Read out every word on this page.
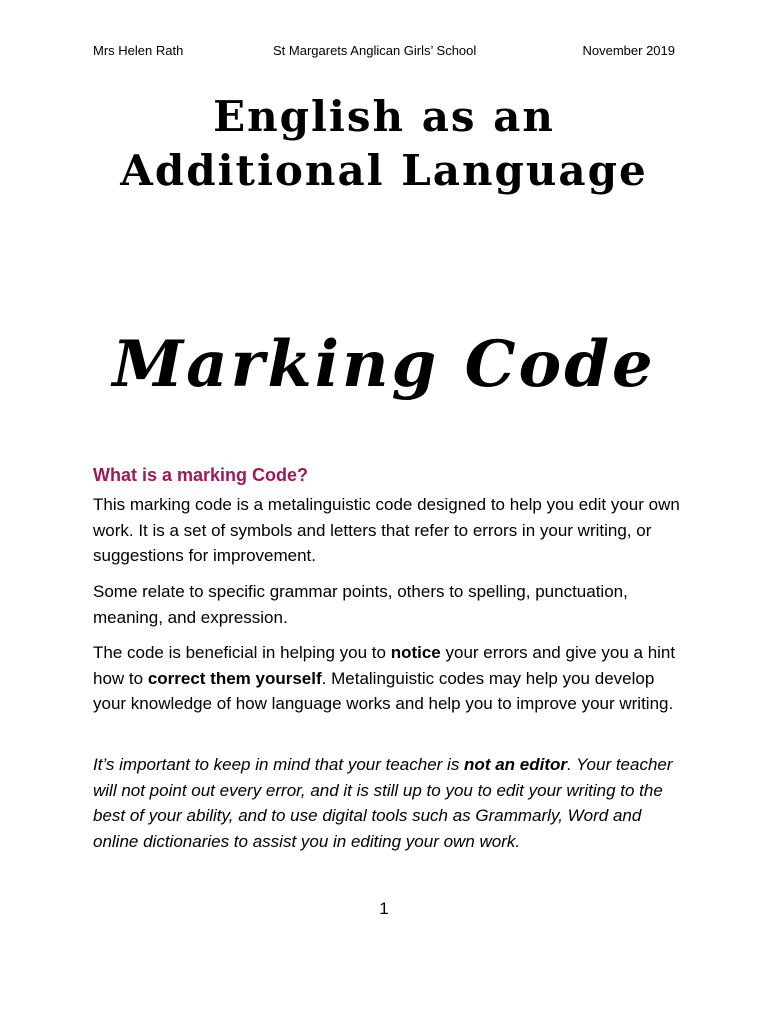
Mrs Helen Rath	St Margarets Anglican Girls’ School	November 2019
English as an
Additional Language
Marking Code
What is a marking Code?

This marking code is a metalinguistic code designed to help you edit your own work. It is a set of symbols and letters that refer to errors in your writing, or suggestions for improvement.

Some relate to specific grammar points, others to spelling, punctuation, meaning, and expression.

The code is beneficial in helping you to notice your errors and give you a hint how to correct them yourself. Metalinguistic codes may help you develop your knowledge of how language works and help you to improve your writing.

It’s important to keep in mind that your teacher is not an editor. Your teacher will not point out every error, and it is still up to you to edit your writing to the best of your ability, and to use digital tools such as Grammarly, Word and online dictionaries to assist you in editing your own work.

1
